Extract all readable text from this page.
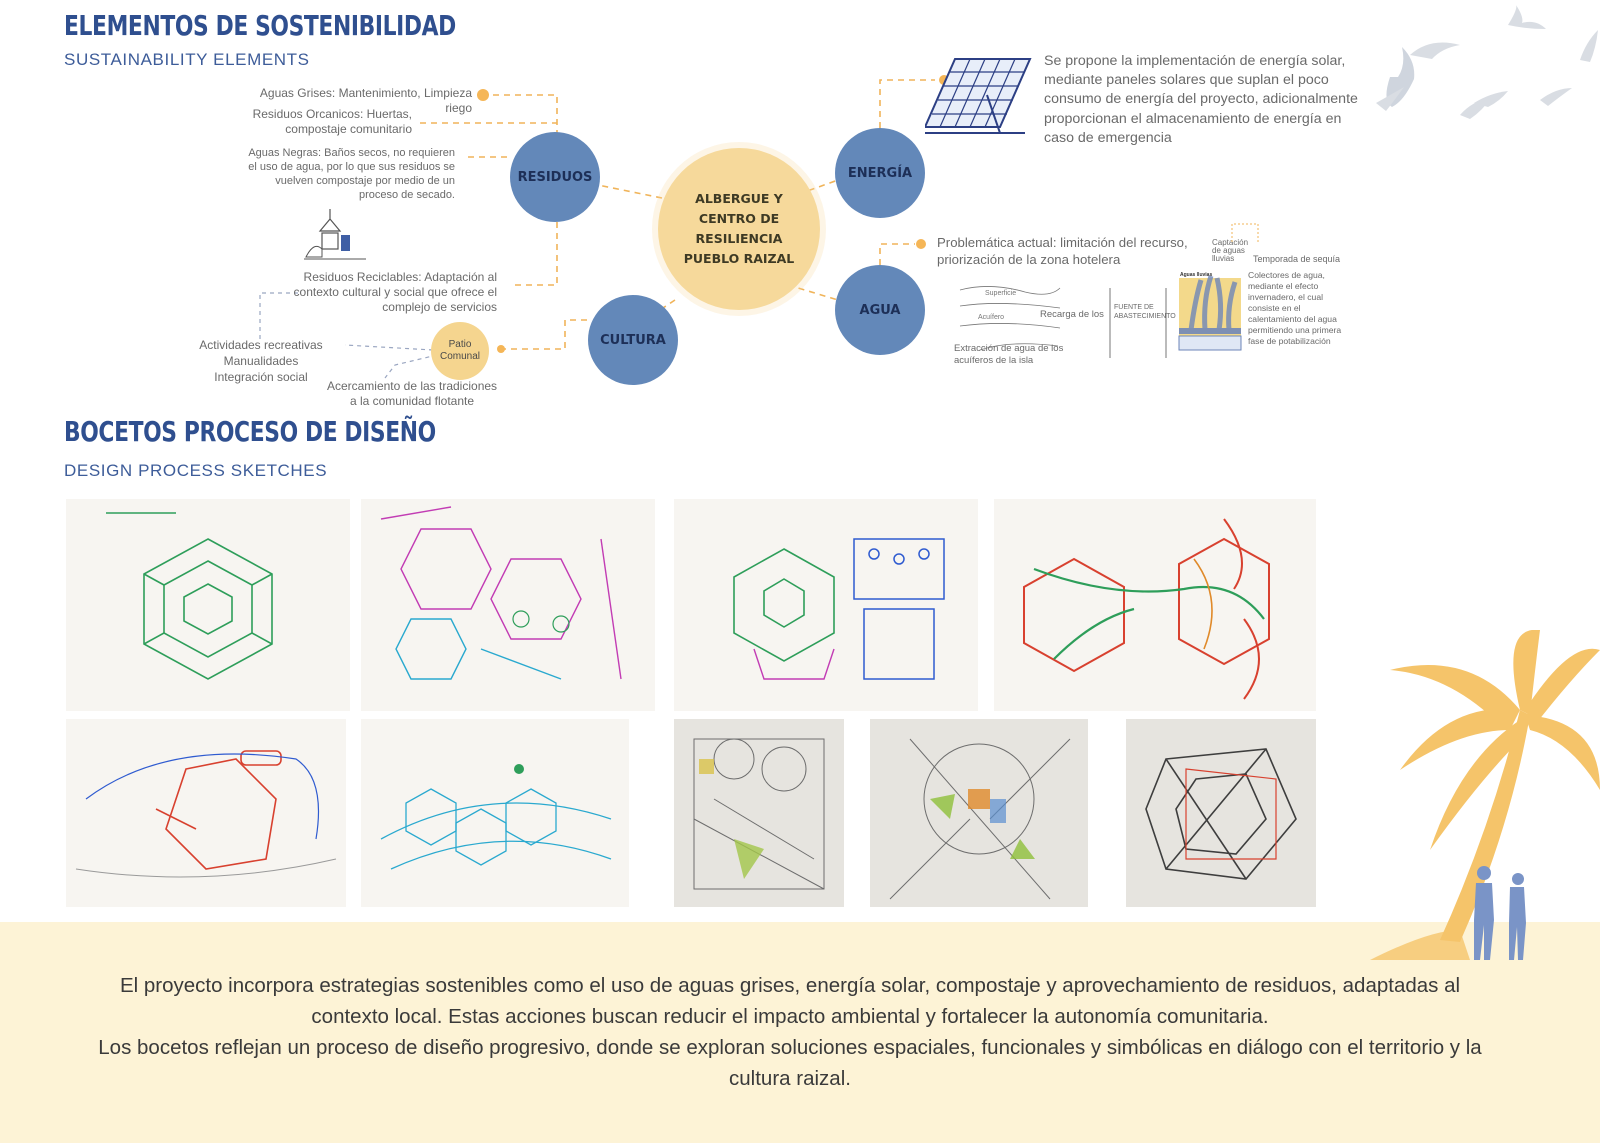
ELEMENTOS DE SOSTENIBILIDAD
SUSTAINABILITY ELEMENTS
ALBERGUE Y CENTRO DE RESILIENCIA PUEBLO RAIZAL
RESIDUOS	ENERGÍA
AGUA
CULTURA
Patio Comunal
Aguas Grises: Mantenimiento, Limpieza riego
Residuos Orcanicos: Huertas, compostaje comunitario
Aguas Negras: Baños secos, no requieren el uso de agua, por lo que sus residuos se vuelven compostaje por medio de un proceso de secado.
Residuos Reciclables: Adaptación al contexto cultural y social que ofrece el complejo de servicios
Actividades recreativas Manualidades Integración social
Acercamiento de las tradiciones a la comunidad flotante
Se propone la implementación de energía solar, mediante paneles solares que suplan el poco consumo de energía del proyecto, adicionalmente proporcionan el almacenamiento de energía en caso de emergencia
Problemática actual: limitación del recurso, priorización de la zona hotelera
Captación de aguas lluvias	Temporada de sequía
Colectores de agua, mediante el efecto invernadero, el cual consiste en el calentamiento del agua permitiendo una primera fase de potabilización
Superficie
Acuífero	Recarga de los
FUENTE DE ABASTECIMIENTO
Extracción de agua de los acuíferos de la isla
Aguas lluvias
BOCETOS PROCESO DE DISEÑO
DESIGN PROCESS SKETCHES
El proyecto incorpora estrategias sostenibles como el uso de aguas grises, energía solar, compostaje y aprovechamiento de residuos, adaptadas al contexto local. Estas acciones buscan reducir el impacto ambiental y fortalecer la autonomía comunitaria.
Los bocetos reflejan un proceso de diseño progresivo, donde se exploran soluciones espaciales, funcionales y simbólicas en diálogo con el territorio y la cultura raizal.
